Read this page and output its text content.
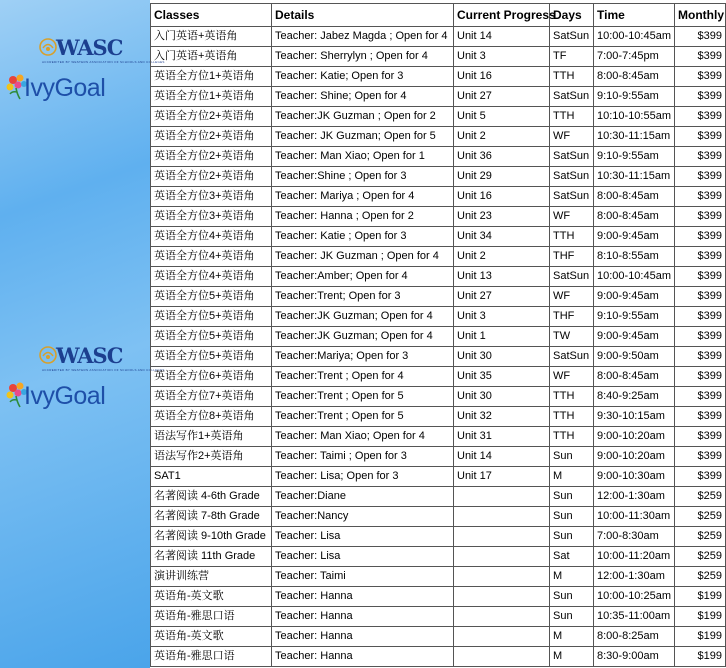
WASC
ACCREDITED BY WESTERN ASSOCIATION OF SCHOOLS AND COLLEGES
IvyGoal
WASC
ACCREDITED BY WESTERN ASSOCIATION OF SCHOOLS AND COLLEGES
IvyGoal
Classes	Details	Current Progress	Days	Time	Monthly
入门英语+英语角	Teacher: Jabez Magda ; Open for 4	Unit 14	SatSun	10:00-10:45am	$399
入门英语+英语角	Teacher: Sherrylyn ; Open for 4	Unit 3	TF	7:00-7:45pm	$399
英语全方位1+英语角	Teacher: Katie; Open for 3	Unit 16	TTH	8:00-8:45am	$399
英语全方位1+英语角	Teacher: Shine; Open for 4	Unit 27	SatSun	9:10-9:55am	$399
英语全方位2+英语角	Teacher:JK Guzman ; Open for 2	Unit 5	TTH	10:10-10:55am	$399
英语全方位2+英语角	Teacher: JK Guzman; Open for 5	Unit 2	WF	10:30-11:15am	$399
英语全方位2+英语角	Teacher: Man Xiao; Open for 1	Unit 36	SatSun	9:10-9:55am	$399
英语全方位2+英语角	Teacher:Shine ; Open for 3	Unit 29	SatSun	10:30-11:15am	$399
英语全方位3+英语角	Teacher: Mariya ; Open for 4	Unit 16	SatSun	8:00-8:45am	$399
英语全方位3+英语角	Teacher: Hanna ; Open for 2	Unit 23	WF	8:00-8:45am	$399
英语全方位4+英语角	Teacher: Katie ; Open for 3	Unit 34	TTH	9:00-9:45am	$399
英语全方位4+英语角	Teacher: JK Guzman ; Open for 4	Unit 2	THF	8:10-8:55am	$399
英语全方位4+英语角	Teacher:Amber; Open for 4	Unit 13	SatSun	10:00-10:45am	$399
英语全方位5+英语角	Teacher:Trent; Open for 3	Unit 27	WF	9:00-9:45am	$399
英语全方位5+英语角	Teacher:JK Guzman; Open for 4	Unit 3	THF	9:10-9:55am	$399
英语全方位5+英语角	Teacher:JK Guzman; Open for 4	Unit 1	TW	9:00-9:45am	$399
英语全方位5+英语角	Teacher:Mariya; Open for 3	Unit 30	SatSun	9:00-9:50am	$399
英语全方位6+英语角	Teacher:Trent ; Open for 4	Unit 35	WF	8:00-8:45am	$399
英语全方位7+英语角	Teacher:Trent ; Open for 5	Unit 30	TTH	8:40-9:25am	$399
英语全方位8+英语角	Teacher:Trent ; Open for 5	Unit 32	TTH	9:30-10:15am	$399
语法写作1+英语角	Teacher: Man Xiao; Open for 4	Unit 31	TTH	9:00-10:20am	$399
语法写作2+英语角	Teacher: Taimi ; Open for 3	Unit 14	Sun	9:00-10:20am	$399
SAT1	Teacher: Lisa; Open for 3	Unit 17	M	9:00-10:30am	$399
名著阅读 4-6th Grade	Teacher:Diane		Sun	12:00-1:30am	$259
名著阅读 7-8th Grade	Teacher:Nancy		Sun	10:00-11:30am	$259
名著阅读 9-10th Grade	Teacher: Lisa		Sun	7:00-8:30am	$259
名著阅读 11th Grade	Teacher: Lisa		Sat	10:00-11:20am	$259
演讲训练营	Teacher: Taimi		M	12:00-1:30am	$259
英语角-英文歌	Teacher: Hanna		Sun	10:00-10:25am	$199
英语角-雅思口语	Teacher: Hanna		Sun	10:35-11:00am	$199
英语角-英文歌	Teacher: Hanna		M	8:00-8:25am	$199
英语角-雅思口语	Teacher: Hanna		M	8:30-9:00am	$199
